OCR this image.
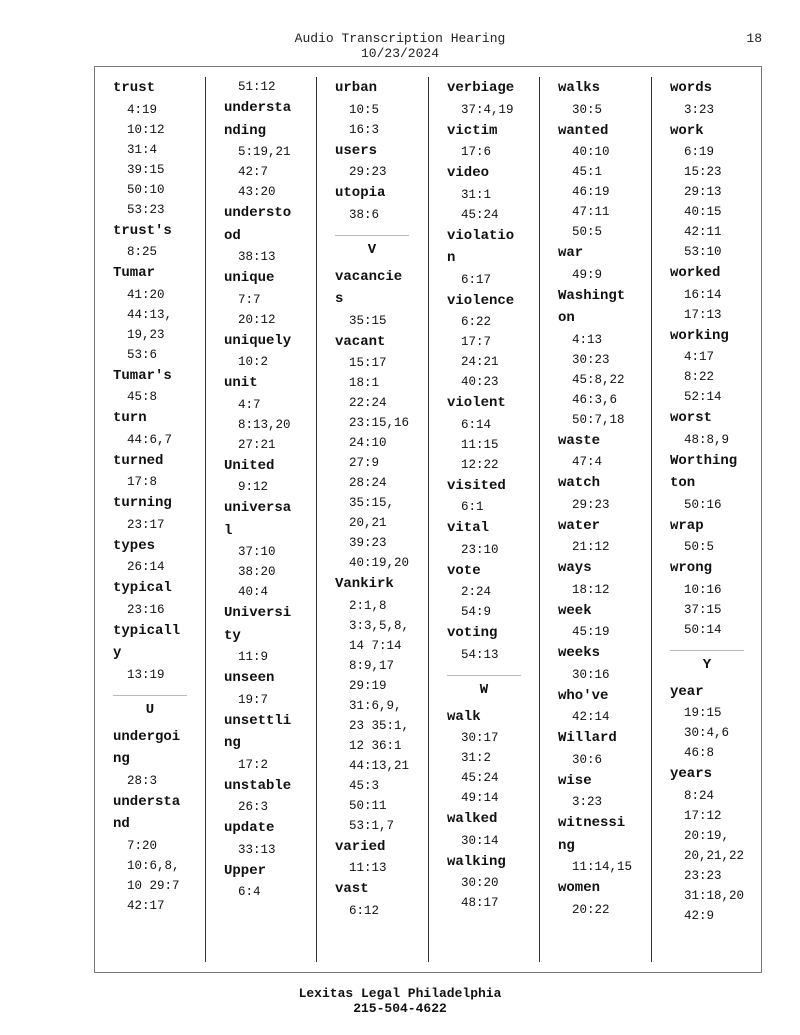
Audio Transcription Hearing
10/23/2024
18
trust
4:19
10:12
31:4
39:15
50:10
53:23
trust's
8:25
Tumar
41:20
44:13,
19,23
53:6
Tumar's
45:8
turn
44:6,7
turned
17:8
turning
23:17
types
26:14
typical
23:16
typicall
y
13:19
U
undergoi
ng
28:3
understa
nd
7:20
10:6,8,
10 29:7
42:17
51:12
understa
nding
5:19,21
42:7
43:20
understo
od
38:13
unique
7:7
20:12
uniquely
10:2
unit
4:7
8:13,20
27:21
United
9:12
universa
l
37:10
38:20
40:4
Universi
ty
11:9
unseen
19:7
unsettli
ng
17:2
unstable
26:3
update
33:13
Upper
6:4
urban
10:5
16:3
users
29:23
utopia
38:6
V
vacancie
s
35:15
vacant
15:17
18:1
22:24
23:15,16
24:10
27:9
28:24
35:15,
20,21
39:23
40:19,20
Vankirk
2:1,8
3:3,5,8,
14 7:14
8:9,17
29:19
31:6,9,
23 35:1,
12 36:1
44:13,21
45:3
50:11
53:1,7
varied
11:13
vast
6:12
verbiage
37:4,19
victim
17:6
video
31:1
45:24
violatio
n
6:17
violence
6:22
17:7
24:21
40:23
violent
6:14
11:15
12:22
visited
6:1
vital
23:10
vote
2:24
54:9
voting
54:13
W
walk
30:17
31:2
45:24
49:14
walked
30:14
walking
30:20
48:17
walks
30:5
wanted
40:10
45:1
46:19
47:11
50:5
war
49:9
Washingt
on
4:13
30:23
45:8,22
46:3,6
50:7,18
waste
47:4
watch
29:23
water
21:12
ways
18:12
week
45:19
weeks
30:16
who've
42:14
Willard
30:6
wise
3:23
witnessi
ng
11:14,15
women
20:22
words
3:23
work
6:19
15:23
29:13
40:15
42:11
53:10
worked
16:14
17:13
working
4:17
8:22
52:14
worst
48:8,9
Worthing
ton
50:16
wrap
50:5
wrong
10:16
37:15
50:14
Y
year
19:15
30:4,6
46:8
years
8:24
17:12
20:19,
20,21,22
23:23
31:18,20
42:9
Lexitas Legal Philadelphia
215-504-4622
